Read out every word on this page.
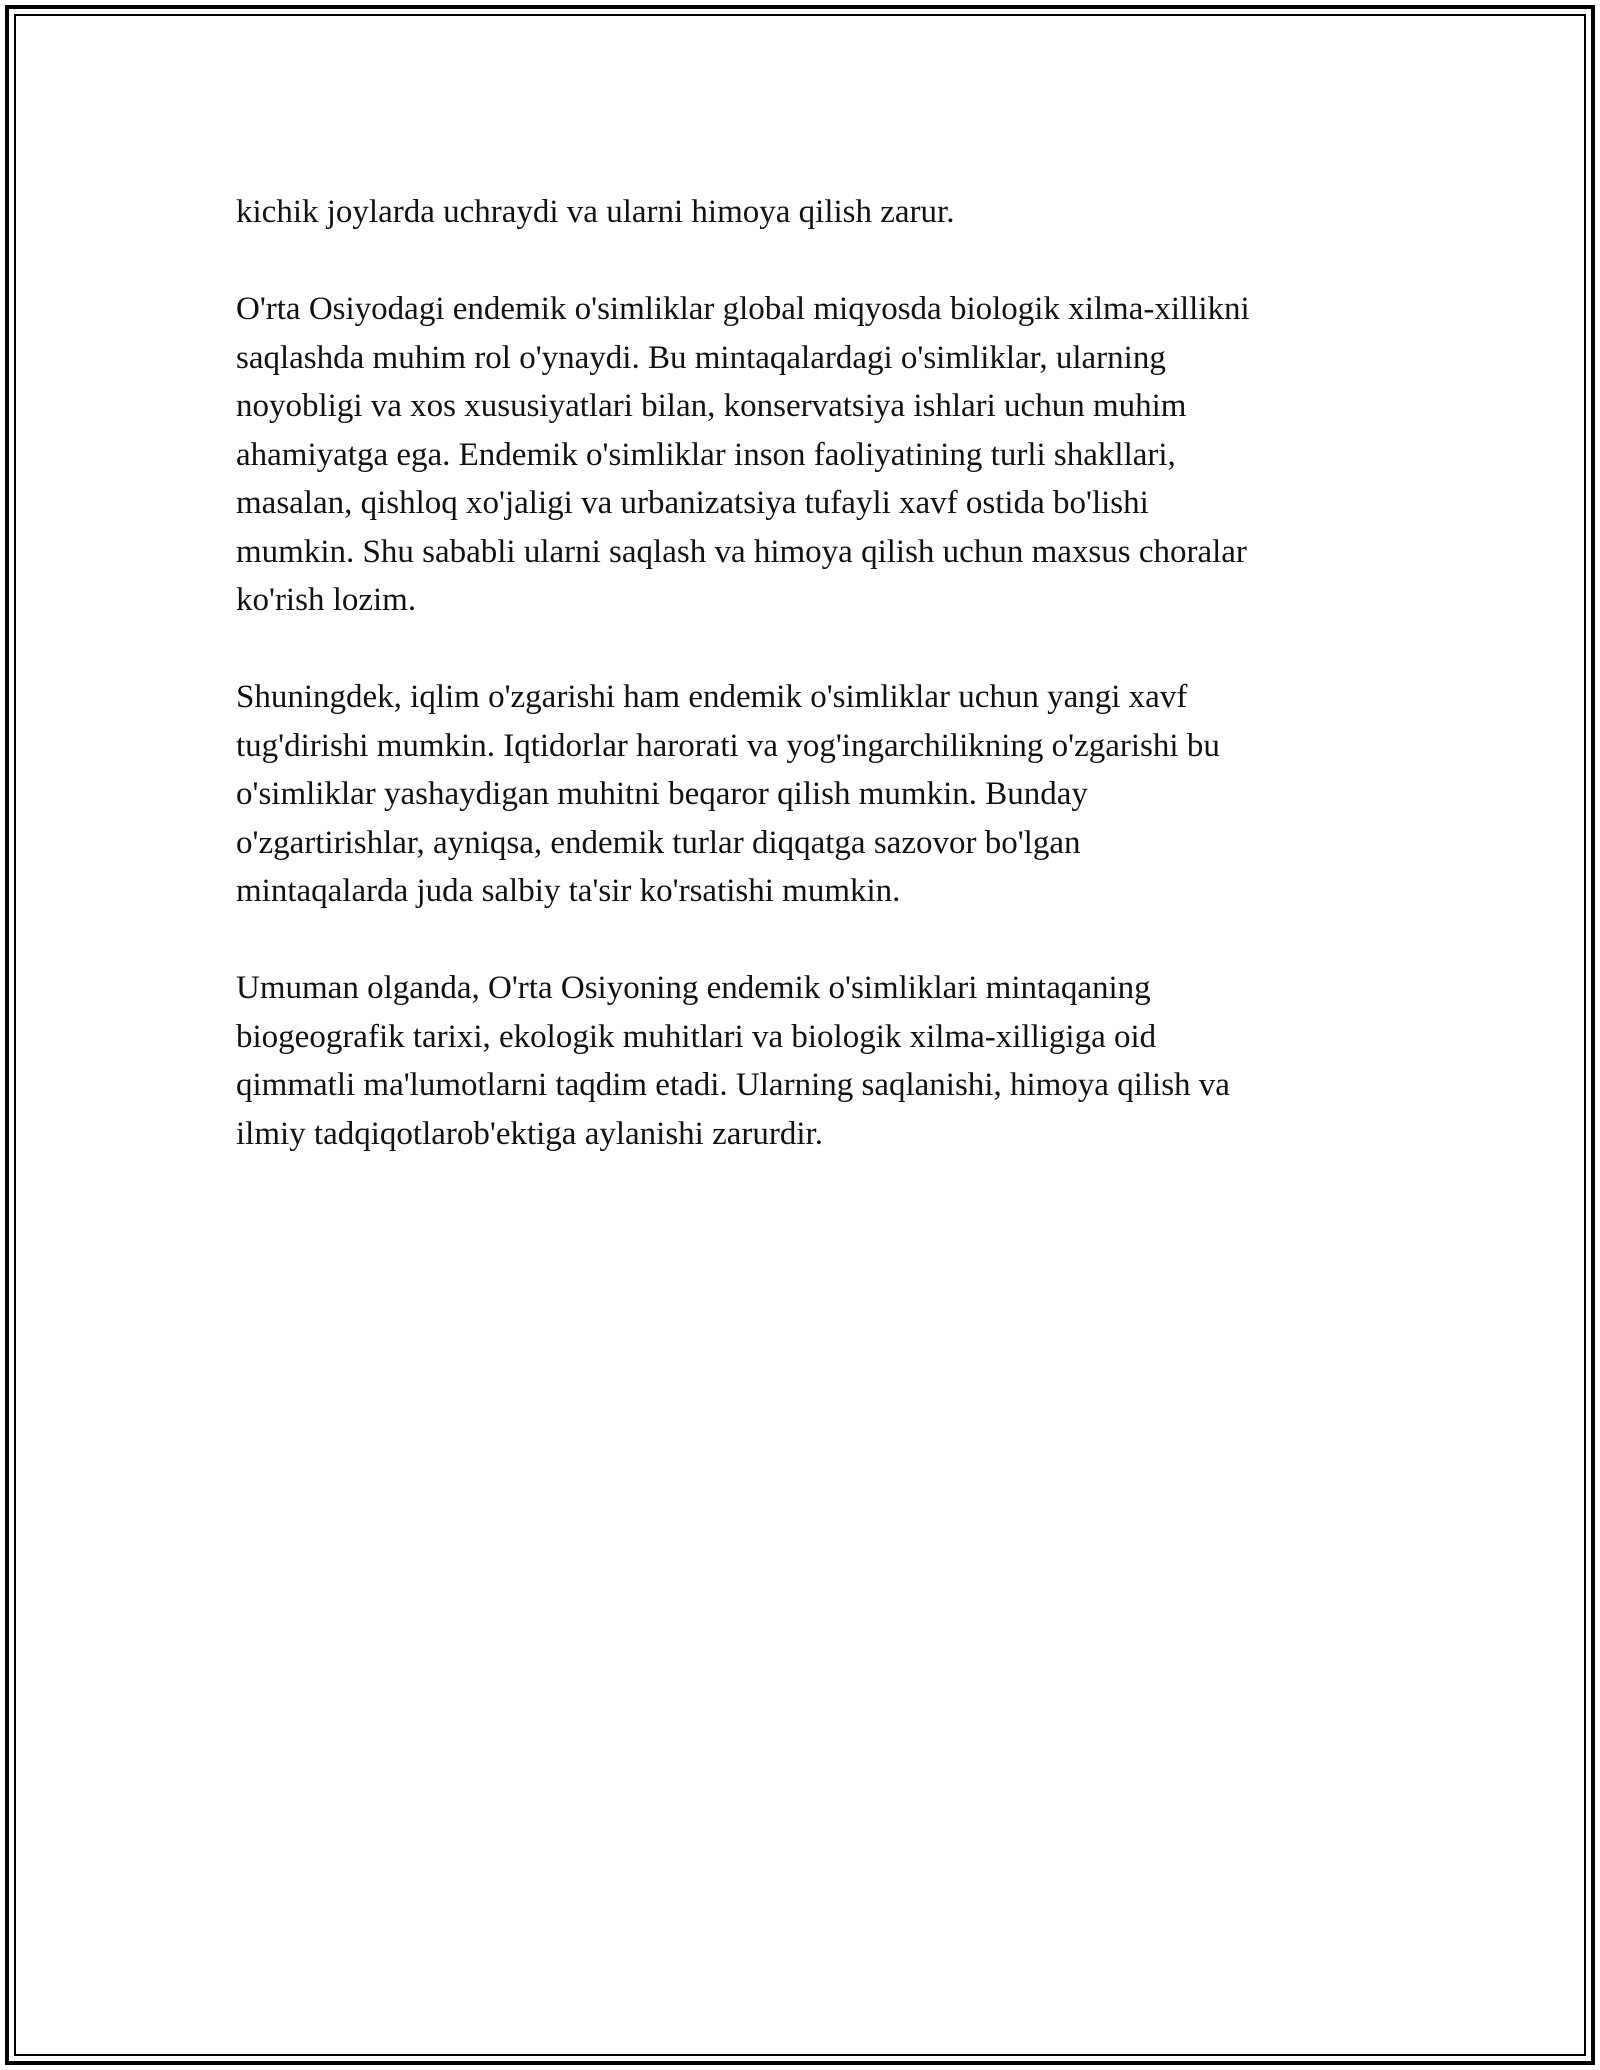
kichik joylarda uchraydi va ularni himoya qilish zarur.

O'rta Osiyodagi endemik o'simliklar global miqyosda biologik xilma-xillikni
saqlashda muhim rol o'ynaydi. Bu mintaqalardagi o'simliklar, ularning
noyobligi va xos xususiyatlari bilan, konservatsiya ishlari uchun muhim
ahamiyatga ega. Endemik o'simliklar inson faoliyatining turli shakllari,
masalan, qishloq xo'jaligi va urbanizatsiya tufayli xavf ostida bo'lishi
mumkin. Shu sababli ularni saqlash va himoya qilish uchun maxsus choralar
ko'rish lozim.

Shuningdek, iqlim o'zgarishi ham endemik o'simliklar uchun yangi xavf
tug'dirishi mumkin. Iqtidorlar harorati va yog'ingarchilikning o'zgarishi bu
o'simliklar yashaydigan muhitni beqaror qilish mumkin. Bunday
o'zgartirishlar, ayniqsa, endemik turlar diqqatga sazovor bo'lgan
mintaqalarda juda salbiy ta'sir ko'rsatishi mumkin.

Umuman olganda, O'rta Osiyoning endemik o'simliklari mintaqaning
biogeografik tarixi, ekologik muhitlari va biologik xilma-xilligiga oid
qimmatli ma'lumotlarni taqdim etadi. Ularning saqlanishi, himoya qilish va
ilmiy tadqiqotlarob'ektiga aylanishi zarurdir.
